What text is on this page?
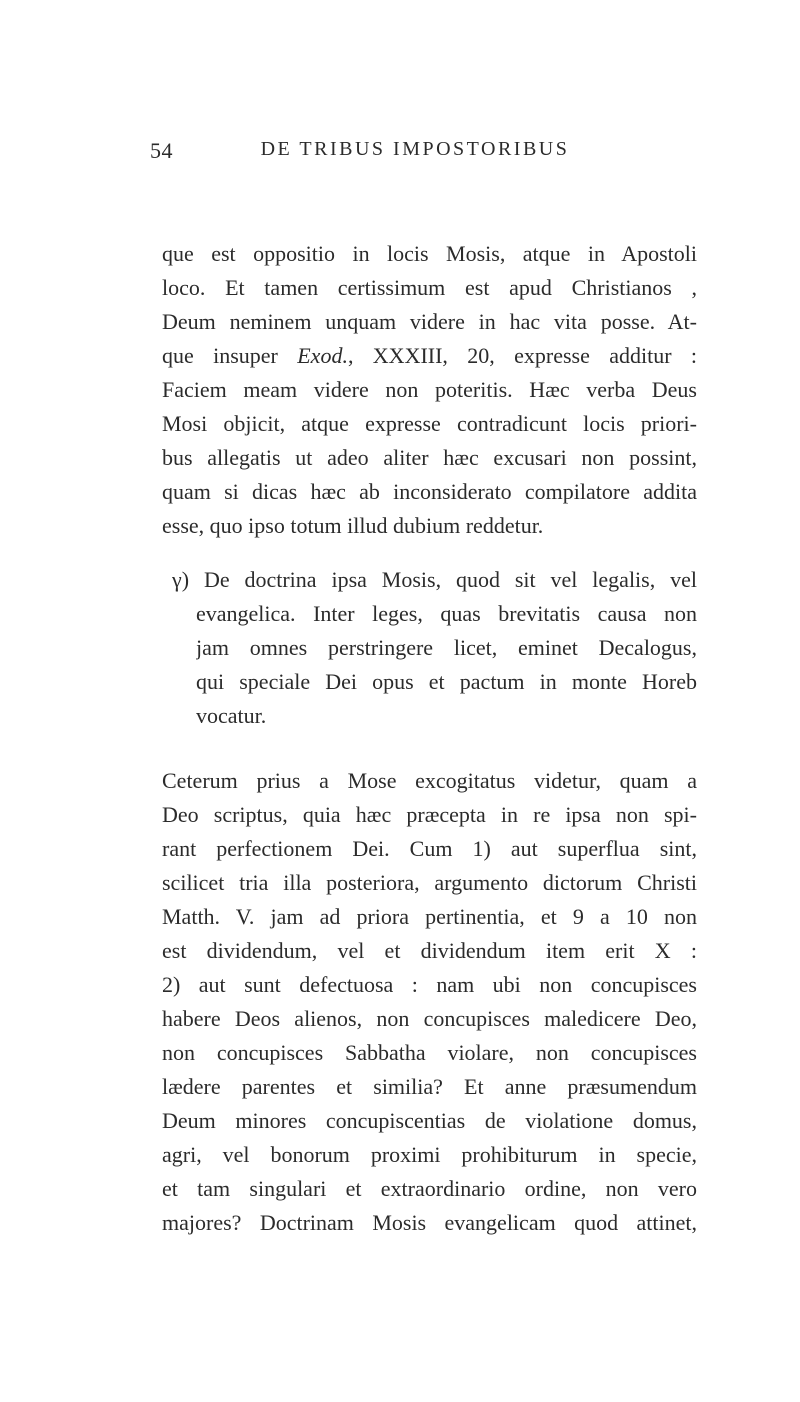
54	DE TRIBUS IMPOSTORIBUS
que est oppositio in locis Mosis, atque in Apostoli
loco. Et tamen certissimum est apud Christianos ,
Deum neminem unquam videre in hac vita posse. At-
que insuper Exod., XXXIII, 20, expresse additur :
Faciem meam videre non poteritis. Hæc verba Deus
Mosi objicit, atque expresse contradicunt locis priori-
bus allegatis ut adeo aliter hæc excusari non possint,
quam si dicas hæc ab inconsiderato compilatore addita
esse, quo ipso totum illud dubium reddetur.
γ) De doctrina ipsa Mosis, quod sit vel legalis, vel
evangelica. Inter leges, quas brevitatis causa non
jam omnes perstringere licet, eminet Decalogus,
qui speciale Dei opus et pactum in monte Horeb
vocatur.
Ceterum prius a Mose excogitatus videtur, quam a
Deo scriptus, quia hæc præcepta in re ipsa non spi-
rant perfectionem Dei. Cum 1) aut superflua sint,
scilicet tria illa posteriora, argumento dictorum Christi
Matth. V. jam ad priora pertinentia, et 9 a 10 non
est dividendum, vel et dividendum item erit X :
2) aut sunt defectuosa : nam ubi non concupisces
habere Deos alienos, non concupisces maledicere Deo,
non concupisces Sabbatha violare, non concupisces
lædere parentes et similia? Et anne præsumendum
Deum minores concupiscentias de violatione domus,
agri, vel bonorum proximi prohibiturum in specie,
et tam singulari et extraordinario ordine, non vero
majores? Doctrinam Mosis evangelicam quod attinet,
